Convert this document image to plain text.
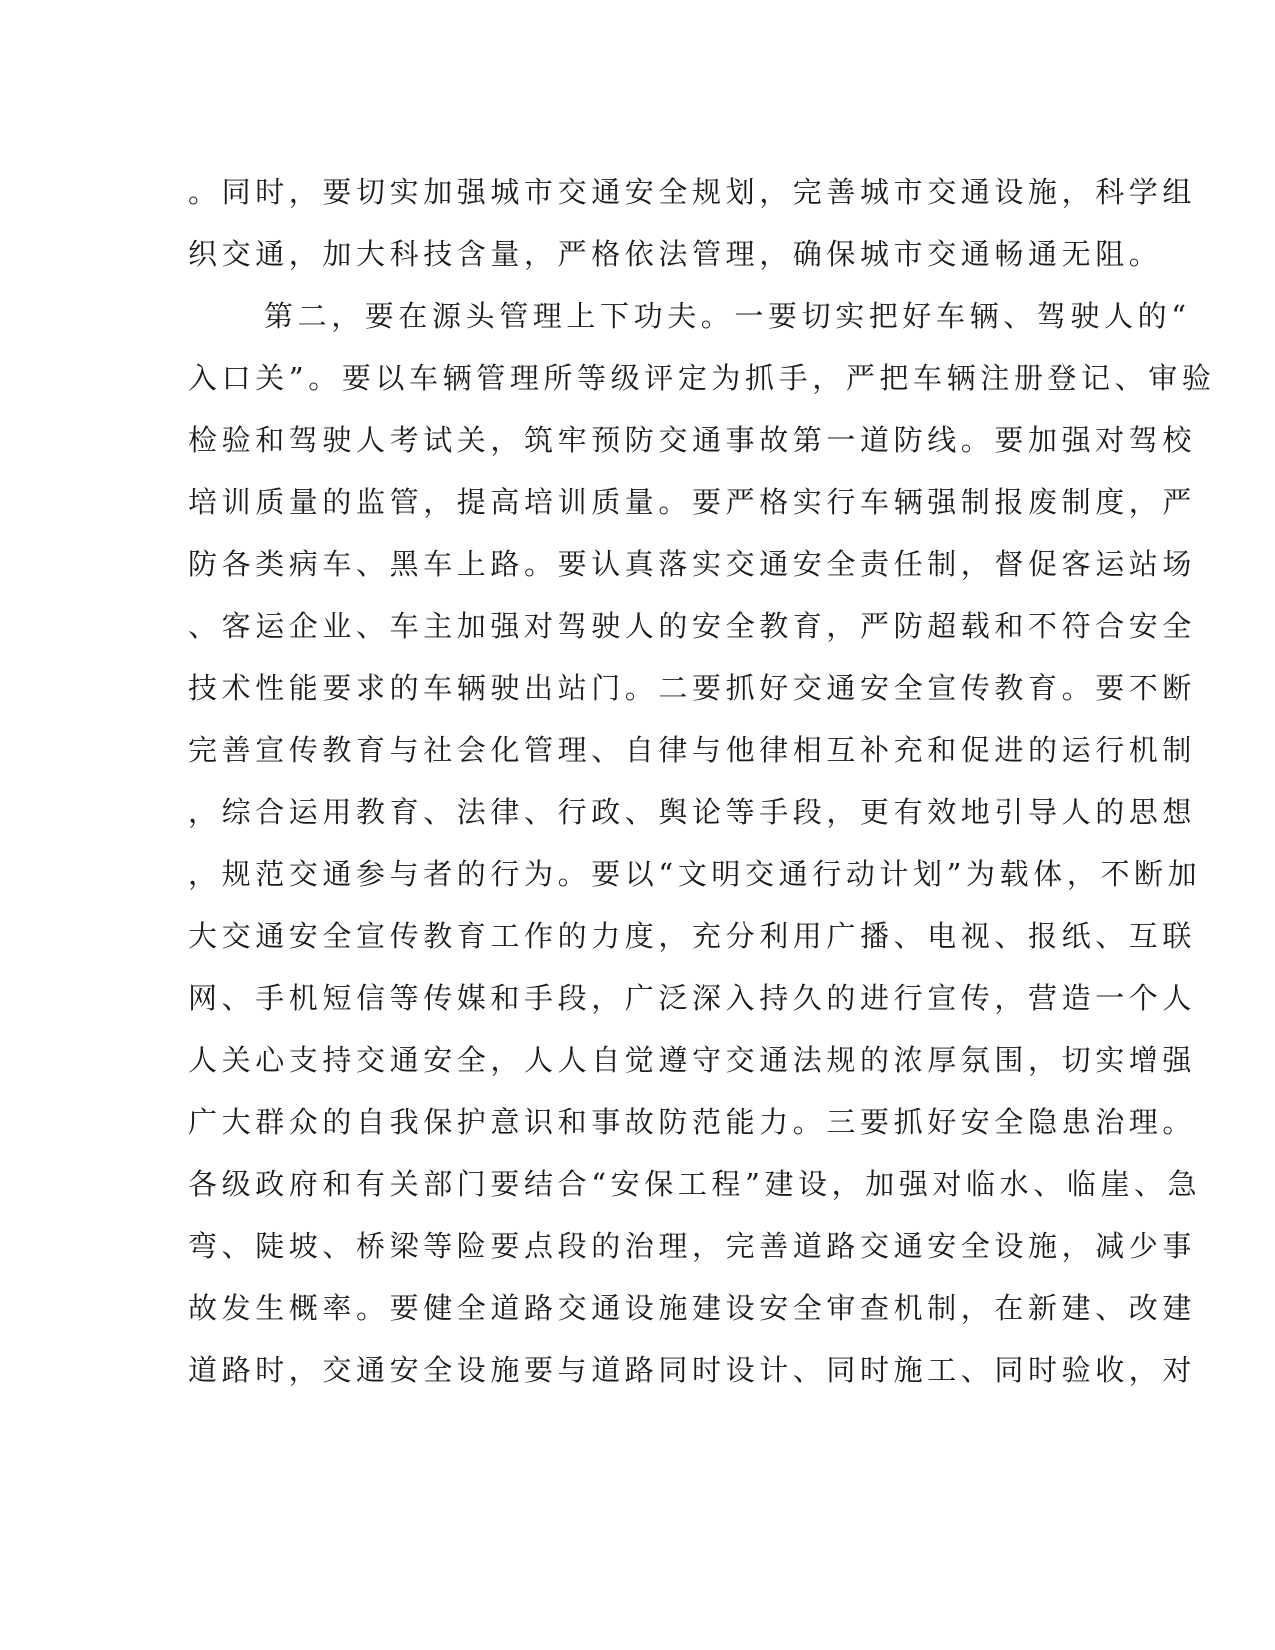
。同时，要切实加强城市交通安全规划，完善城市交通设施，科学组
织交通，加大科技含量，严格依法管理，确保城市交通畅通无阻。
第二，要在源头管理上下功夫。一要切实把好车辆、驾驶人的“
入口关”。要以车辆管理所等级评定为抓手，严把车辆注册登记、审验
检验和驾驶人考试关，筑牢预防交通事故第一道防线。要加强对驾校
培训质量的监管，提高培训质量。要严格实行车辆强制报废制度，严
防各类病车、黑车上路。要认真落实交通安全责任制，督促客运站场
、客运企业、车主加强对驾驶人的安全教育，严防超载和不符合安全
技术性能要求的车辆驶出站门。二要抓好交通安全宣传教育。要不断
完善宣传教育与社会化管理、自律与他律相互补充和促进的运行机制
，综合运用教育、法律、行政、舆论等手段，更有效地引导人的思想
，规范交通参与者的行为。要以“文明交通行动计划”为载体，不断加
大交通安全宣传教育工作的力度，充分利用广播、电视、报纸、互联
网、手机短信等传媒和手段，广泛深入持久的进行宣传，营造一个人
人关心支持交通安全，人人自觉遵守交通法规的浓厚氛围，切实增强
广大群众的自我保护意识和事故防范能力。三要抓好安全隐患治理。
各级政府和有关部门要结合“安保工程”建设，加强对临水、临崖、急
弯、陡坡、桥梁等险要点段的治理，完善道路交通安全设施，减少事
故发生概率。要健全道路交通设施建设安全审查机制，在新建、改建
道路时，交通安全设施要与道路同时设计、同时施工、同时验收，对
